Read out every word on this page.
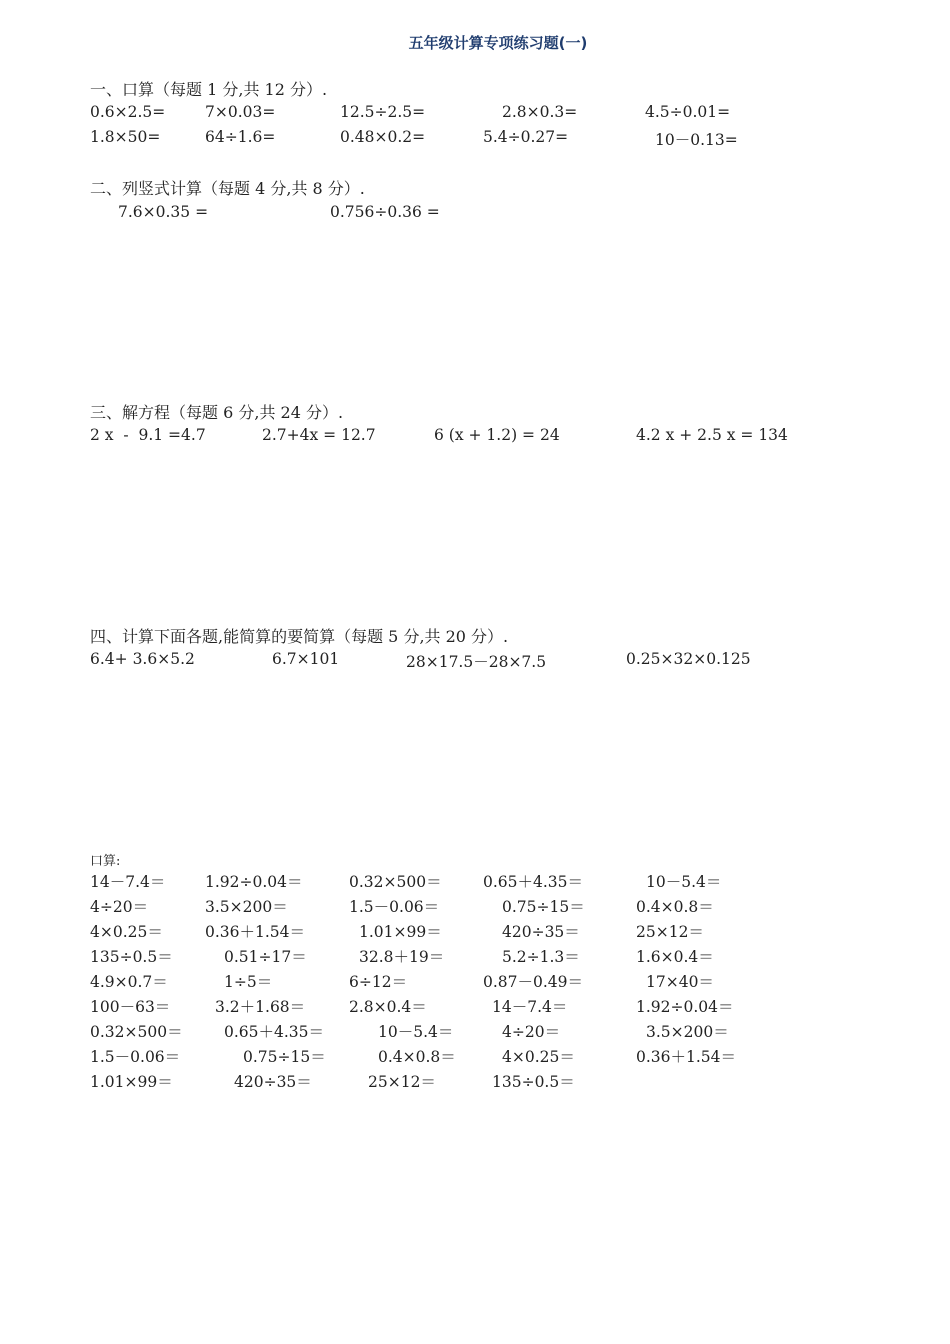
五年级计算专项练习题(一)
一、口算（每题 1 分,共 12 分）.
0.6×2.5=	7×0.03=	12.5÷2.5=	2.8×0.3=	4.5÷0.01=
1.8×50=	64÷1.6=	0.48×0.2=	5.4÷0.27=	10－0.13=
二、列竖式计算（每题 4 分,共 8 分）.
7.6×0.35 =	0.756÷0.36 =
三、解方程（每题 6 分,共 24 分）.
2 x  -  9.1 =4.7	2.7+4x = 12.7	6 (x + 1.2) = 24	4.2 x + 2.5 x = 134
四、计算下面各题,能简算的要简算（每题 5 分,共 20 分）.
6.4+ 3.6×5.2	6.7×101	28×17.5－28×7.5	0.25×32×0.125
口算:
14－7.4＝	1.92÷0.04＝	0.32×500＝	0.65＋4.35＝	10－5.4＝
4÷20＝	3.5×200＝	1.5－0.06＝	0.75÷15＝	0.4×0.8＝
4×0.25＝	0.36＋1.54＝	1.01×99＝	420÷35＝	25×12＝
135÷0.5＝	0.51÷17＝	32.8＋19＝	5.2÷1.3＝	1.6×0.4＝
4.9×0.7＝	1÷5＝	6÷12＝	0.87－0.49＝	17×40＝
100－63＝	3.2＋1.68＝	2.8×0.4＝	14－7.4＝	1.92÷0.04＝
0.32×500＝	0.65＋4.35＝	10－5.4＝	4÷20＝	3.5×200＝
1.5－0.06＝	0.75÷15＝	0.4×0.8＝	4×0.25＝	0.36＋1.54＝
1.01×99＝	420÷35＝	25×12＝	135÷0.5＝
